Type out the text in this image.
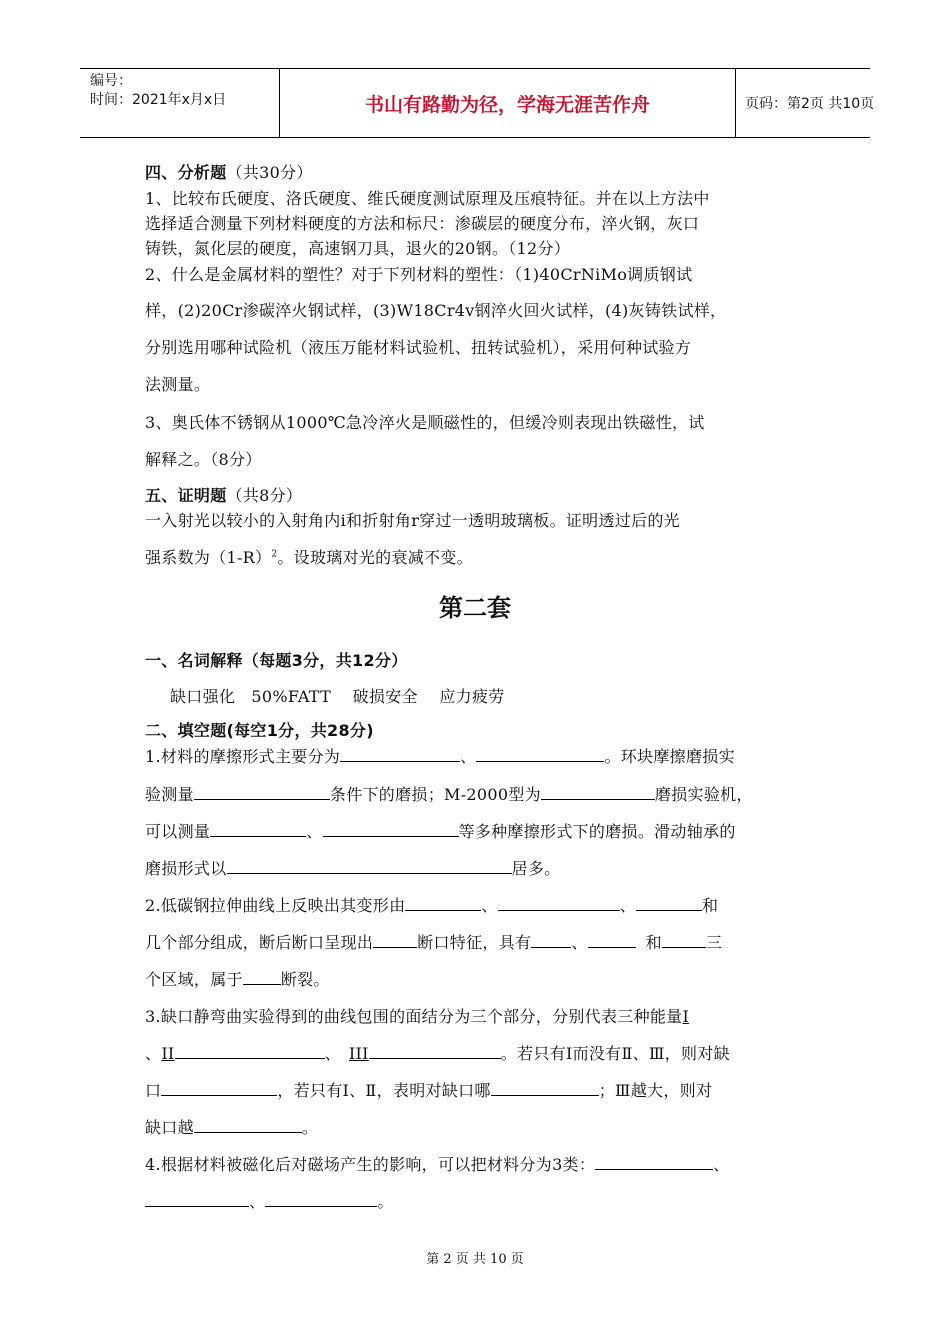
编号：
时间：2021年x月x日	书山有路勤为径，学海无涯苦作舟	页码：第2页 共10页
四、分析题（共30分）
1、比较布氏硬度、洛氏硬度、维氏硬度测试原理及压痕特征。并在以上方法中
选择适合测量下列材料硬度的方法和标尺：渗碳层的硬度分布，淬火钢，灰口
铸铁，氮化层的硬度，高速钢刀具，退火的20钢。（12分）
2、什么是金属材料的塑性？对于下列材料的塑性：（1)40CrNiMo调质钢试
样，(2)20Cr渗碳淬火钢试样，(3)W18Cr4v钢淬火回火试样，(4)灰铸铁试样，
分别选用哪种试险机（液压万能材料试验机、扭转试验机），采用何种试验方
法测量。
3、奥氏体不锈钢从1000℃急冷淬火是顺磁性的，但缓冷则表现出铁磁性，试
解释之。（8分）
五、证明题（共8分）
一入射光以较小的入射角内i和折射角r穿过一透明玻璃板。证明透过后的光
强系数为$(1-R)^2$。设玻璃对光的衰减不变。
第二套
一、名词解释（每题3分，共12分）
缺口强化   50%FATT    破损安全    应力疲劳
二、填空题(每空1分，共28分)
1.材料的摩擦形式主要分为	、	。环块摩擦磨损实
验测量	条件下的磨损；M-2000型为	磨损实验机，
可以测量	、	等多种摩擦形式下的磨损。滑动轴承的
磨损形式以	居多。
2.低碳钢拉伸曲线上反映出其变形由	、	、	和
几个部分组成，断后断口呈现出	断口特征，具有	、	和	三
个区域，属于 断裂。
3.缺口静弯曲实验得到的曲线包围的面结分为三个部分，分别代表三种能量I
、II	、 III	。若只有Ⅰ而没有Ⅱ、Ⅲ，则对缺
口	，若只有Ⅰ、Ⅱ，表明对缺口哪	；Ⅲ越大，则对
缺口越	。
4.根据材料被磁化后对磁场产生的影响，可以把材料分为3类：	、
、	。
第 2 页 共 10 页
